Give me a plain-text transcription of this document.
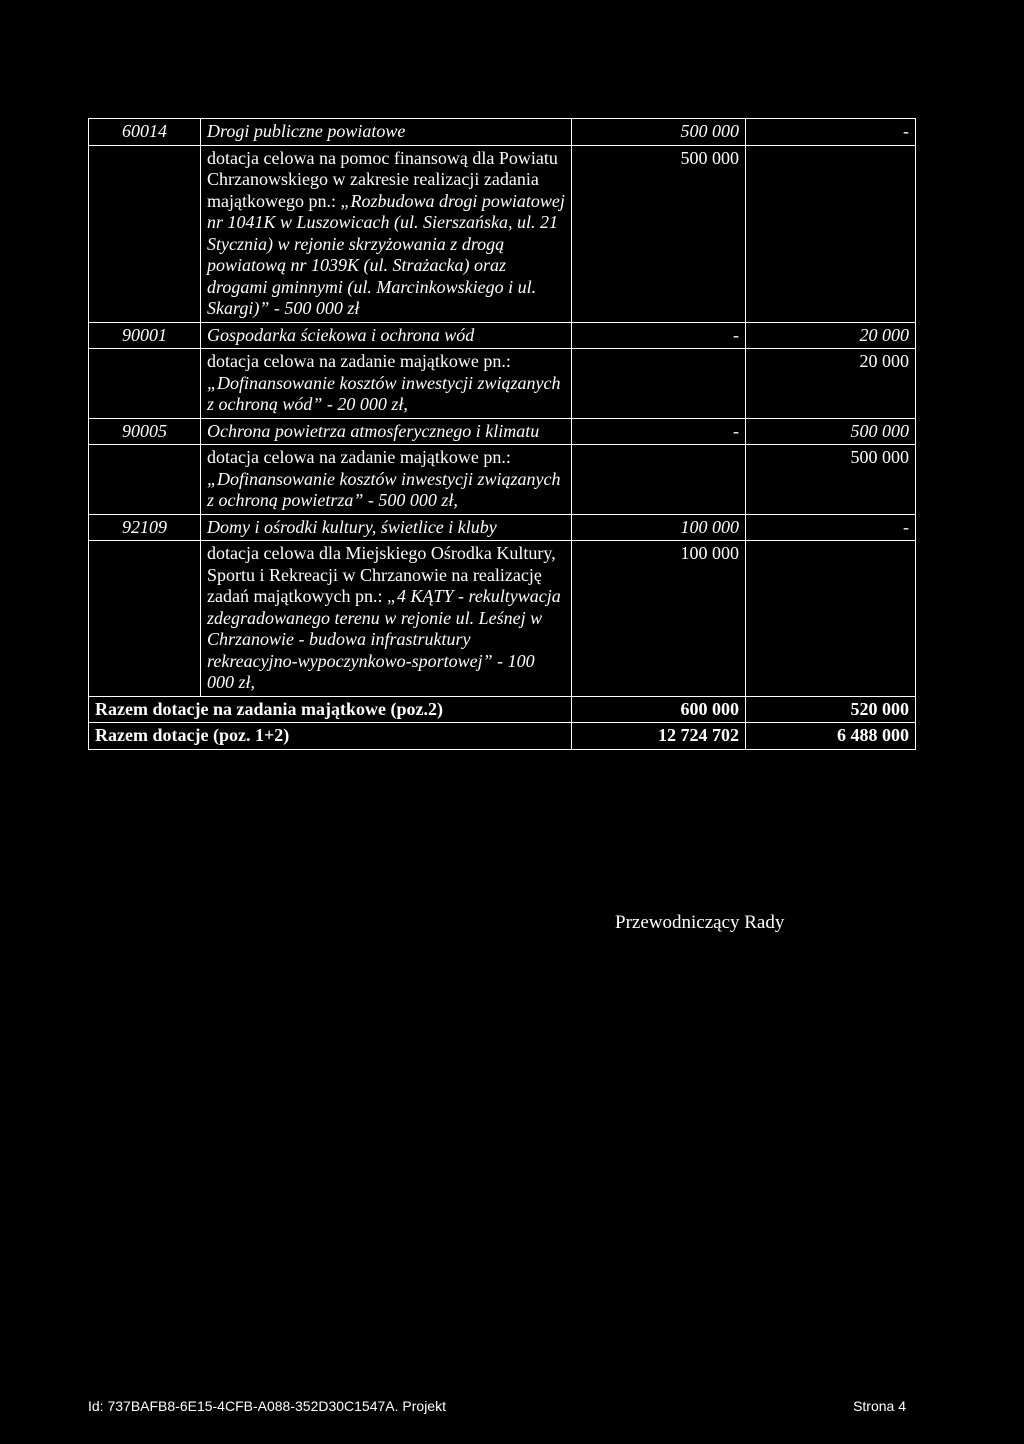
60014	Drogi publiczne powiatowe	500 000	-
	dotacja celowa na pomoc finansową dla Powiatu Chrzanowskiego w zakresie realizacji zadania majątkowego pn.: „Rozbudowa drogi powiatowej nr 1041K w Luszowicach (ul. Sierszańska, ul. 21 Stycznia) w rejonie skrzyżowania z drogą powiatową nr 1039K (ul. Strażacka) oraz drogami gminnymi (ul. Marcinkowskiego i ul. Skargi)” - 500 000 zł	500 000	
90001	Gospodarka ściekowa i ochrona wód	-	20 000

	dotacja celowa na zadanie majątkowe pn.:
„Dofinansowanie kosztów inwestycji związanych z ochroną wód” - 20 000 zł,		20 000
90005	Ochrona powietrza atmosferycznego i klimatu	-	500 000

	dotacja celowa na zadanie majątkowe pn.:
„Dofinansowanie kosztów inwestycji związanych z ochroną powietrza” - 500 000 zł,		500 000
92109	Domy i ośrodki kultury, świetlice i kluby	100 000	-
	dotacja celowa dla Miejskiego Ośrodka Kultury, Sportu i Rekreacji w Chrzanowie na realizację zadań majątkowych pn.: „4 KĄTY - rekultywacja zdegradowanego terenu w rejonie ul. Leśnej w Chrzanowie - budowa infrastruktury rekreacyjno-wypoczynkowo-sportowej” - 100 000 zł,	100 000	
Razem dotacje na zadania majątkowe (poz.2)		600 000	520 000
Razem dotacje (poz. 1+2)		12 724 702	6 488 000
Przewodniczący Rady
Id: 737BAFB8-6E15-4CFB-A088-352D30C1547A. Projekt	Strona 4
